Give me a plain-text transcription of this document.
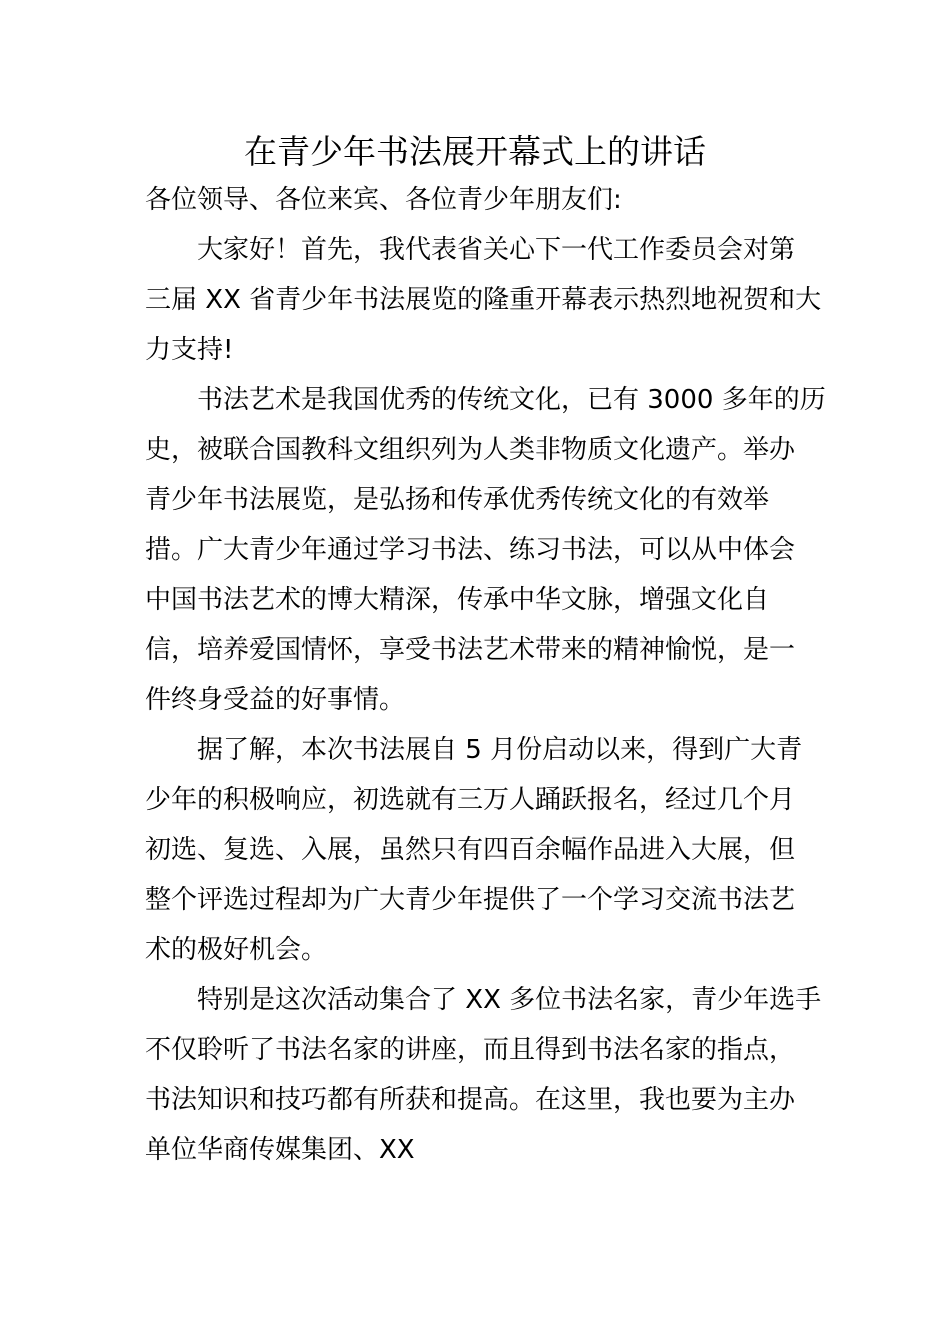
在青少年书法展开幕式上的讲话

各位领导、各位来宾、各位青少年朋友们:

大家好！首先，我代表省关心下一代工作委员会对第

三届 XX 省青少年书法展览的隆重开幕表示热烈地祝贺和大

力支持!

书法艺术是我国优秀的传统文化，已有 3000 多年的历

史，被联合国教科文组织列为人类非物质文化遗产。举办

青少年书法展览，是弘扬和传承优秀传统文化的有效举

措。广大青少年通过学习书法、练习书法，可以从中体会

中国书法艺术的博大精深，传承中华文脉，增强文化自

信，培养爱国情怀，享受书法艺术带来的精神愉悦，是一

件终身受益的好事情。

据了解，本次书法展自 5 月份启动以来，得到广大青

少年的积极响应，初选就有三万人踊跃报名，经过几个月

初选、复选、入展，虽然只有四百余幅作品进入大展，但

整个评选过程却为广大青少年提供了一个学习交流书法艺

术的极好机会。

特别是这次活动集合了 XX 多位书法名家，青少年选手

不仅聆听了书法名家的讲座，而且得到书法名家的指点，

书法知识和技巧都有所获和提高。在这里，我也要为主办

单位华商传媒集团、XX
